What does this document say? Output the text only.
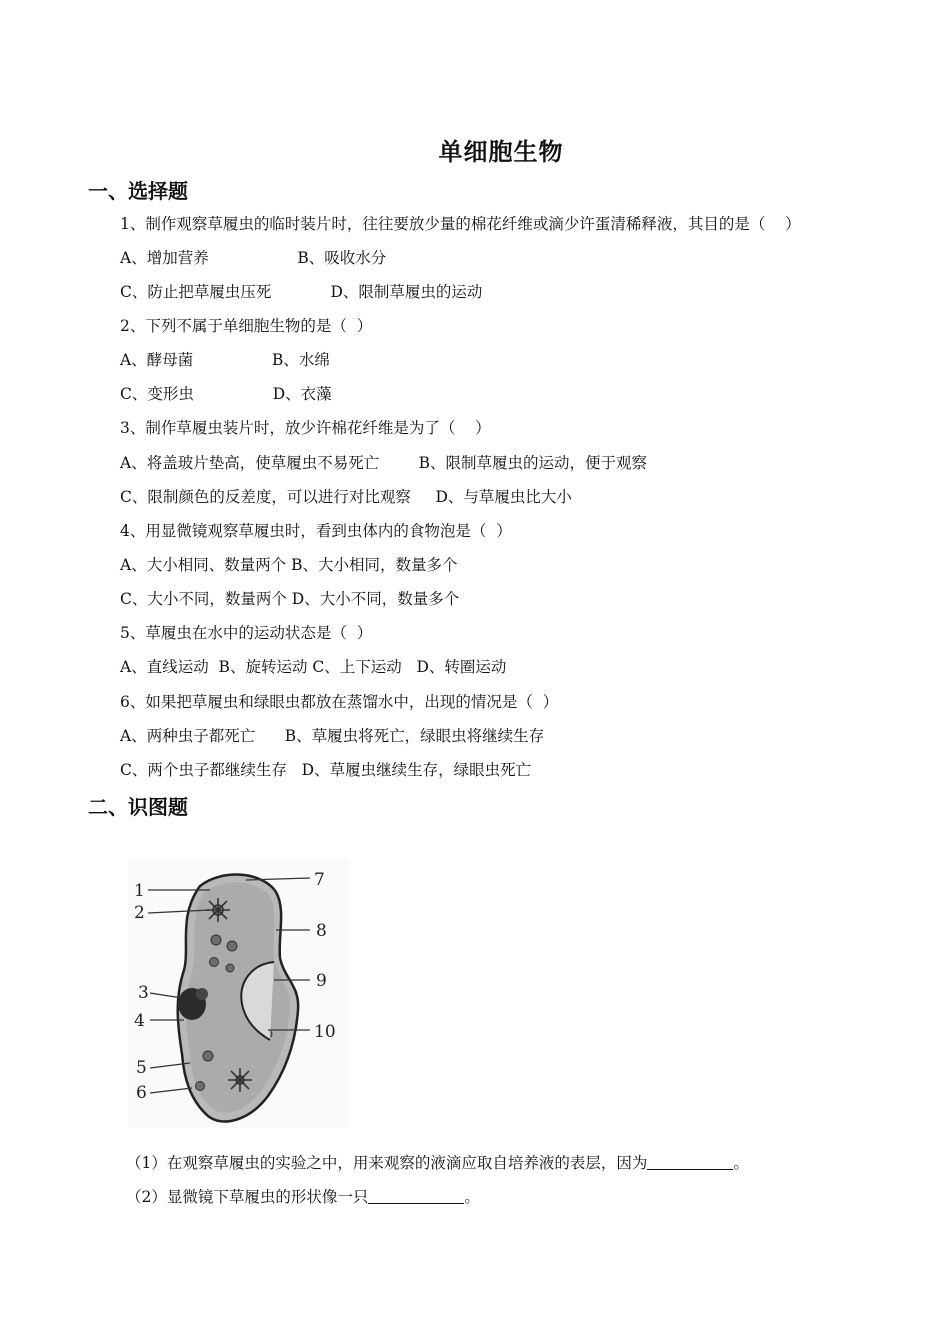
单细胞生物
一、选择题
1、制作观察草履虫的临时装片时，往往要放少量的棉花纤维或滴少许蛋清稀释液，其目的是（    ）
A、增加营养                  B、吸收水分
C、防止把草履虫压死            D、限制草履虫的运动
2、下列不属于单细胞生物的是（  ）
A、酵母菌                B、水绵
C、变形虫                D、衣藻
3、制作草履虫装片时，放少许棉花纤维是为了（    ）
A、将盖玻片垫高，使草履虫不易死亡        B、限制草履虫的运动，便于观察
C、限制颜色的反差度，可以进行对比观察     D、与草履虫比大小
4、用显微镜观察草履虫时，看到虫体内的食物泡是（  ）
A、大小相同、数量两个 B、大小相同，数量多个
C、大小不同，数量两个 D、大小不同，数量多个
5、草履虫在水中的运动状态是（  ）
A、直线运动  B、旋转运动 C、上下运动   D、转圈运动
6、如果把草履虫和绿眼虫都放在蒸馏水中，出现的情况是（  ）
A、两种虫子都死亡      B、草履虫将死亡，绿眼虫将继续生存
C、两个虫子都继续生存   D、草履虫继续生存，绿眼虫死亡
二、识图题
1
2
3
4
5
6
7
8
9
10
（1）在观察草履虫的实验之中，用来观察的液滴应取自培养液的表层，因为	。
（2）显微镜下草履虫的形状像一只	。
